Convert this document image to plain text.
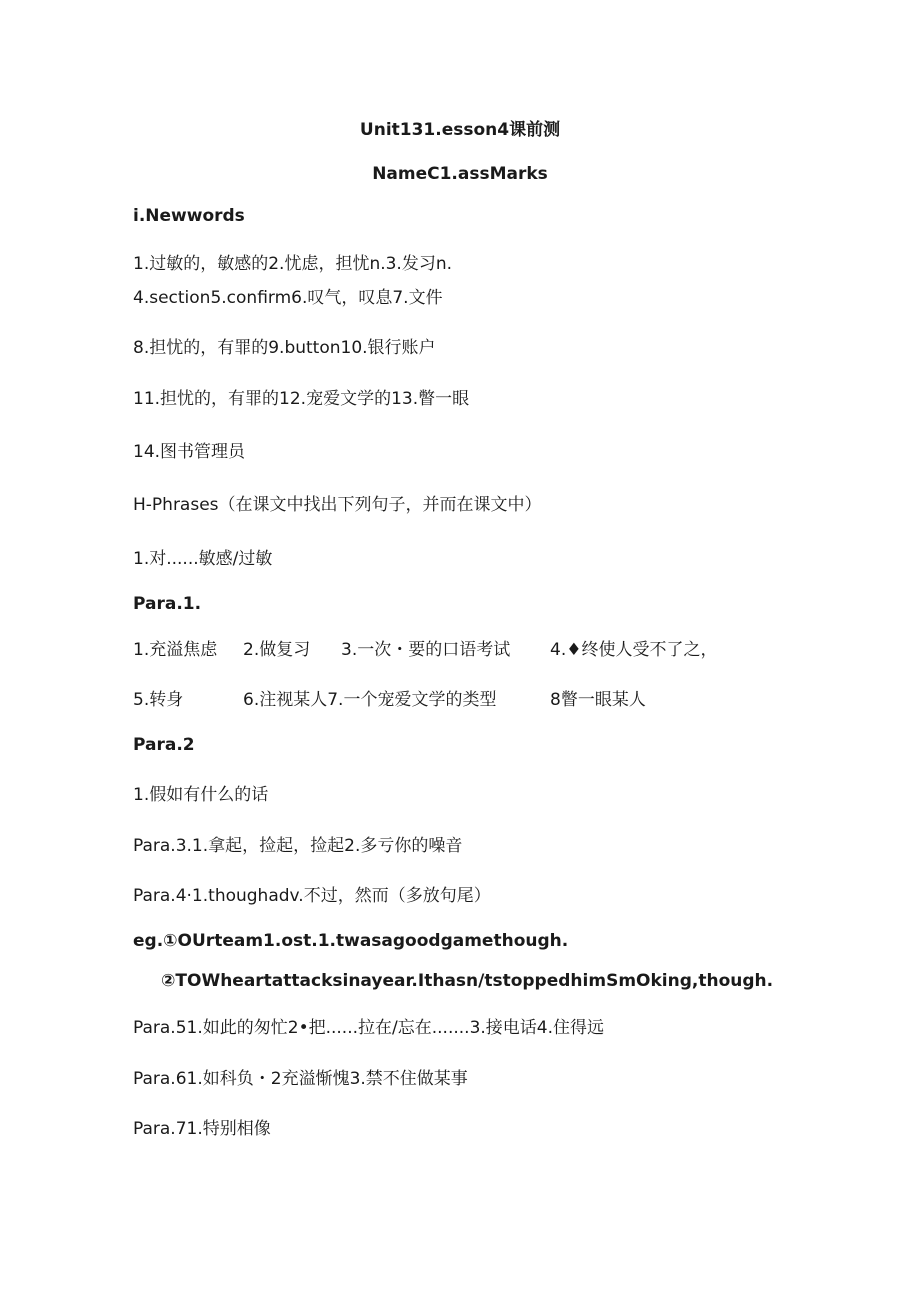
Unit131.esson4课前测
NameC1.assMarks
i.Newwords
1.过敏的，敏感的2.忧虑，担忧n.3.发习n.
4.section5.confirm6.叹气，叹息7.文件
8.担忧的，有罪的9.button10.银行账户
11.担忧的，有罪的12.宠爱文学的13.瞥一眼
14.图书管理员
H-Phrases（在课文中找出下列句子，并而在课文中）
1.对......敏感/过敏
Para.1.
1.充溢焦虑 2.做复习 3.一次・要的口语考试 4.♦终使人受不了之，
5.转身	6.注视某人7.一个宠爱文学的类型	8瞥一眼某人
Para.2
1.假如有什么的话
Para.3.1.拿起，捡起，捡起2.多亏你的噪音
Para.4·1.thoughadv.不过，然而（多放句尾）
eg.①OUrteam1.ost.1.twasagoodgamethough.
②TOWheartattacksinayear.Ithasn/tstoppedhimSmOking,though.
Para.51.如此的匆忙2•把......拉在/忘在.......3.接电话4.住得远
Para.61.如科负・2充溢惭愧3.禁不住做某事
Para.71.特别相像
